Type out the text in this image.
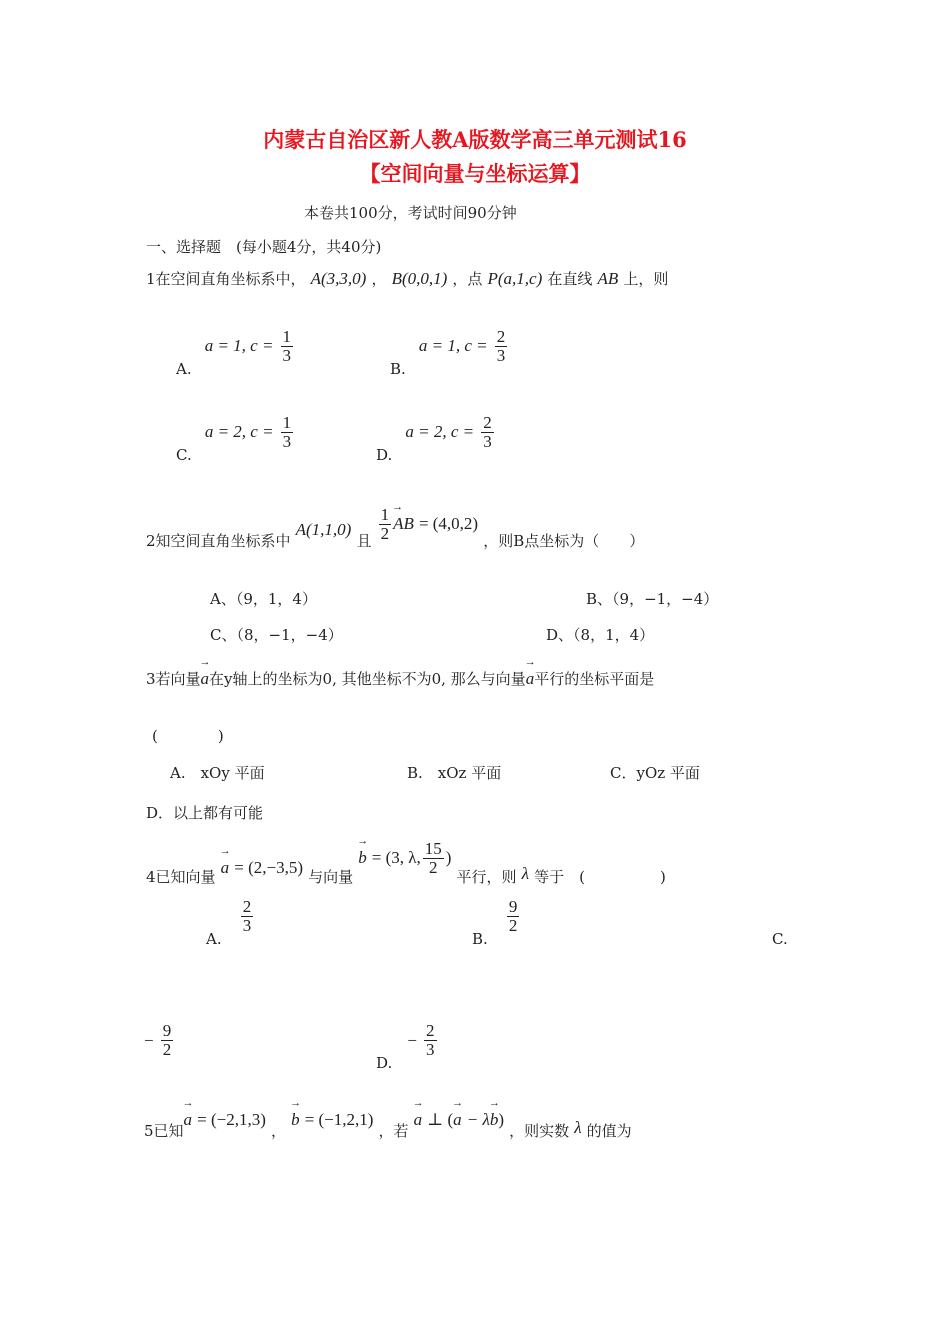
内蒙古自治区新人教A版数学高三单元测试16
【空间向量与坐标运算】
本卷共100分，考试时间90分钟
一、选择题　(每小题4分，共40分)
1在空间直角坐标系中， A(3,3,0) ， B(0,0,1) ，点 P(a,1,c) 在直线 AB 上，则
A. a = 1, $c = \frac{1}{3}$
B. a = 1, $c = \frac{2}{3}$
C. a = 2, $c = \frac{1}{3}$
D. a = 2, $c = \frac{2}{3}$
2知空间直角坐标系中 A(1,1,0) 且 $\frac{1}{2}$ → AB = (4,0,2) ，则B点坐标为（　　）
A、（9，1，4）	B、（9，−1，−4）
C、（8，−1，−4）	D、（8，1，4）
3若向量→ a在y轴上的坐标为0, 其他坐标不为0, 那么与向量→ a平行的坐标平面是
(　　　　)
A.　xOy 平面	B.　xOz 平面	C．yOz 平面
D．以上都有可能
4已知向量 → a = (2,−3,5) 与向量 → b = (3, λ, $\frac{15}{2}$ ) 平行，则 λ 等于　(　　　　　)
A.
$\frac{2}{3}$
B.
$\frac{9}{2}$
C.
− $\frac{9}{2}$
D. − $\frac{2}{3}$
5已知→ a = (−2,1,3) ， → b = (−1,2,1) ，若 → a ⊥ (→ a − λ→ b) ，则实数 λ 的值为
